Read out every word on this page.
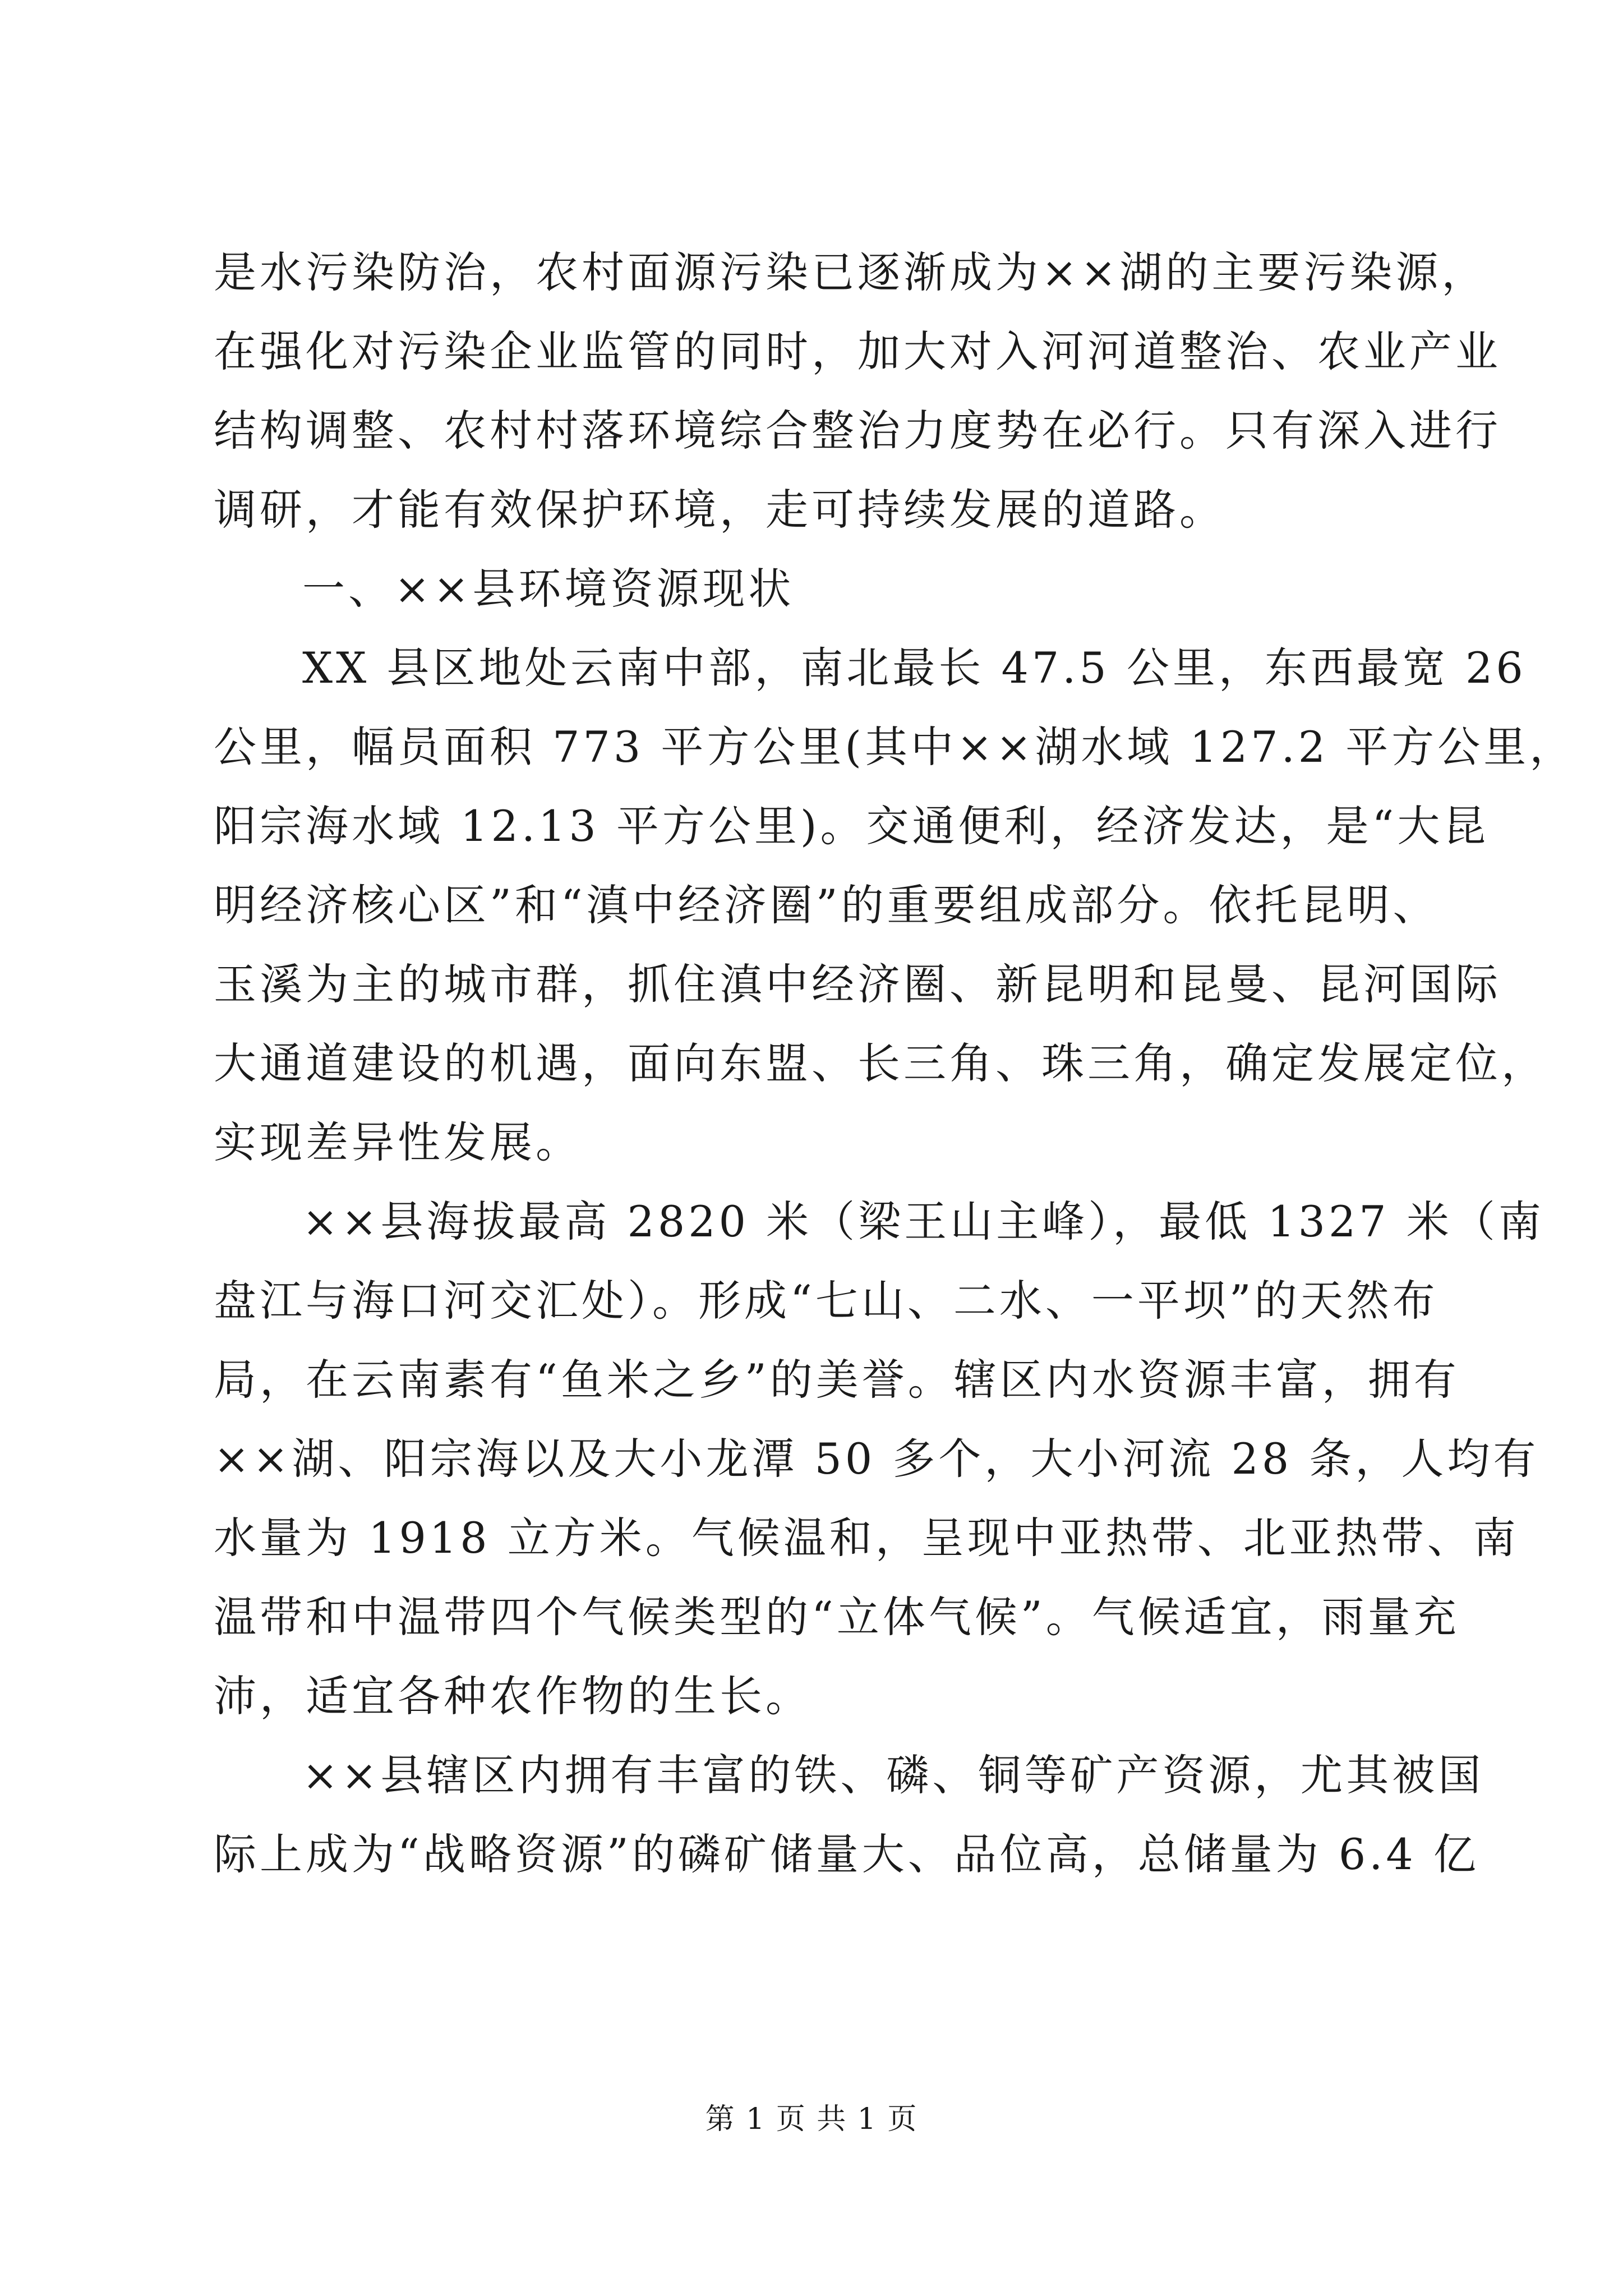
是水污染防治，农村面源污染已逐渐成为××湖的主要污染源，
在强化对污染企业监管的同时，加大对入河河道整治、农业产业
结构调整、农村村落环境综合整治力度势在必行。只有深入进行
调研，才能有效保护环境，走可持续发展的道路。

一、××县环境资源现状

XX 县区地处云南中部，南北最长 47.5 公里，东西最宽 26
公里，幅员面积 773 平方公里(其中××湖水域 127.2 平方公里，
阳宗海水域 12.13 平方公里)。交通便利，经济发达，是“大昆
明经济核心区”和“滇中经济圈”的重要组成部分。依托昆明、
玉溪为主的城市群，抓住滇中经济圈、新昆明和昆曼、昆河国际
大通道建设的机遇，面向东盟、长三角、珠三角，确定发展定位，
实现差异性发展。

××县海拔最高 2820 米（梁王山主峰），最低 1327 米（南
盘江与海口河交汇处）。形成“七山、二水、一平坝”的天然布
局，在云南素有“鱼米之乡”的美誉。辖区内水资源丰富，拥有
××湖、阳宗海以及大小龙潭 50 多个，大小河流 28 条，人均有
水量为 1918 立方米。气候温和，呈现中亚热带、北亚热带、南
温带和中温带四个气候类型的“立体气候”。气候适宜，雨量充
沛，适宜各种农作物的生长。

××县辖区内拥有丰富的铁、磷、铜等矿产资源，尤其被国
际上成为“战略资源”的磷矿储量大、品位高，总储量为 6.4 亿

第 1 页 共 1 页
